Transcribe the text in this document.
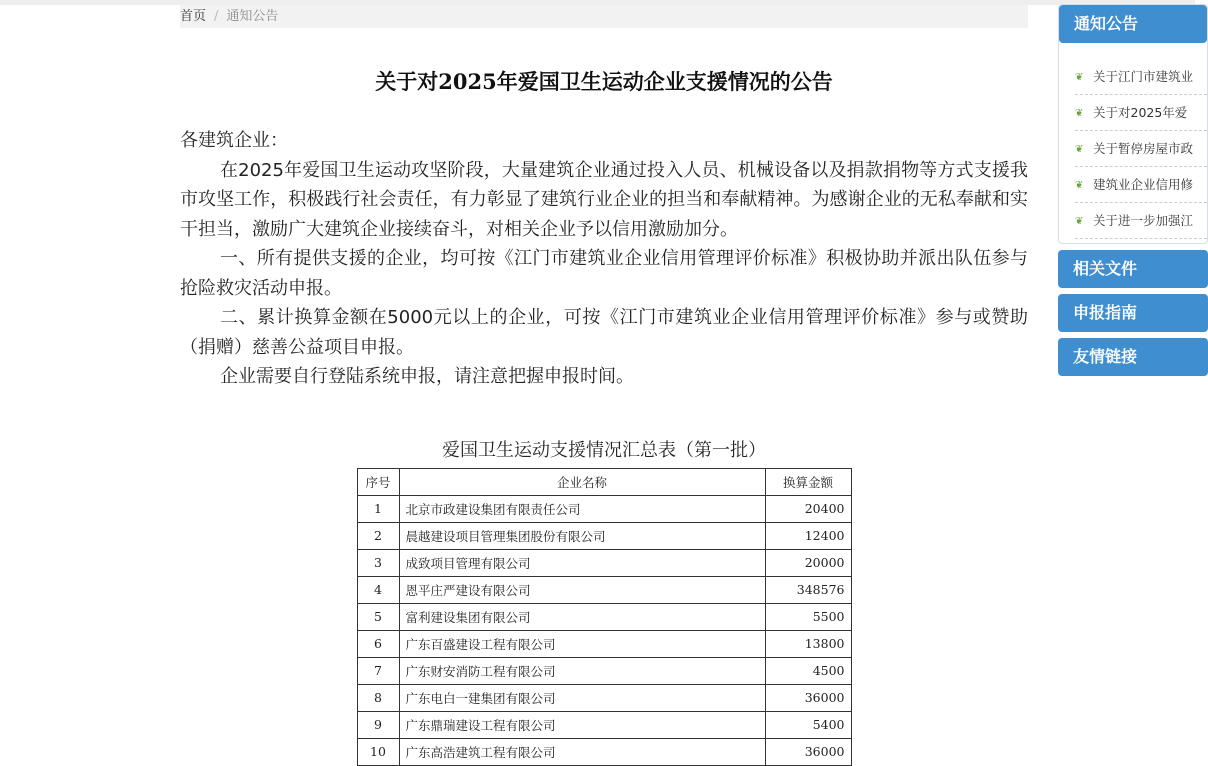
首页 / 通知公告
关于对2025年爱国卫生运动企业支援情况的公告

各建筑企业：

在2025年爱国卫生运动攻坚阶段，大量建筑企业通过投入人员、机械设备以及捐款捐物等方式支援我市攻坚工作，积极践行社会责任，有力彰显了建筑行业企业的担当和奉献精神。为感谢企业的无私奉献和实干担当，激励广大建筑企业接续奋斗，对相关企业予以信用激励加分。

一、所有提供支援的企业，均可按《江门市建筑业企业信用管理评价标准》积极协助并派出队伍参与抢险救灾活动申报。

二、累计换算金额在5000元以上的企业，可按《江门市建筑业企业信用管理评价标准》参与或赞助（捐赠）慈善公益项目申报。

企业需要自行登陆系统申报，请注意把握申报时间。

爱国卫生运动支援情况汇总表（第一批）
序号	企业名称	换算金额
1	北京市政建设集团有限责任公司	20400
2	晨越建设项目管理集团股份有限公司	12400
3	成致项目管理有限公司	20000
4	恩平庄严建设有限公司	348576
5	富利建设集团有限公司	5500
6	广东百盛建设工程有限公司	13800
7	广东财安消防工程有限公司	4500
8	广东电白一建集团有限公司	36000
9	广东鼎瑞建设工程有限公司	5400
10	广东高浩建筑工程有限公司	36000
通知公告
❦ 关于江门市建筑业
❦ 关于对2025年爱
❦ 关于暂停房屋市政
❦ 建筑业企业信用修
❦ 关于进一步加强江
相关文件
申报指南
友情链接
